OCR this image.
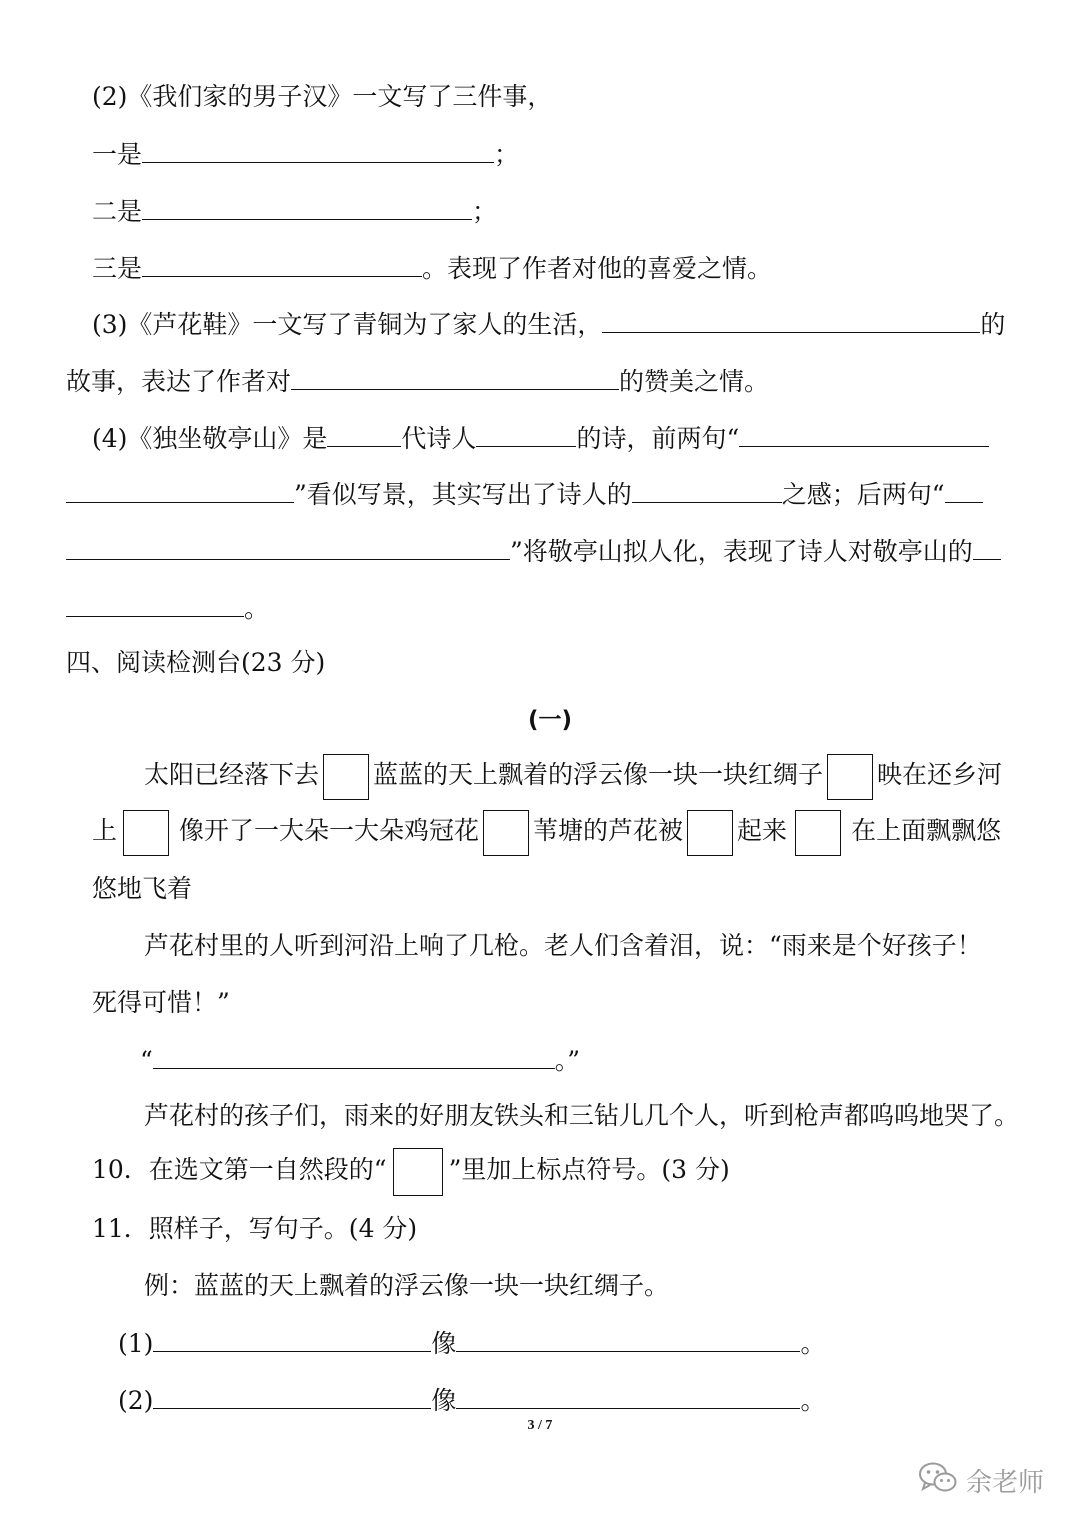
(2)《我们家的男子汉》一文写了三件事，
一是	；
二是	；
三是	。表现了作者对他的喜爱之情。
(3)《芦花鞋》一文写了青铜为了家人的生活，	的
故事，表达了作者对	的赞美之情。
(4)《独坐敬亭山》是	代诗人	的诗，前两句“
”看似写景，其实写出了诗人的	之感；后两句“
”将敬亭山拟人化，表现了诗人对敬亭山的
。
四、阅读检测台(23 分)
(一)
太阳已经落下去 蓝蓝的天上飘着的浮云像一块一块红绸子 映在还乡河
上 像开了一大朵一大朵鸡冠花 苇塘的芦花被 起来	在上面飘飘悠
悠地飞着
芦花村里的人听到河沿上响了几枪。老人们含着泪，说：“雨来是个好孩子！
死得可惜！”
“	。”
芦花村的孩子们，雨来的好朋友铁头和三钻儿几个人，听到枪声都呜呜地哭了。
10．在选文第一自然段的“ ”里加上标点符号。(3 分)
11．照样子，写句子。(4 分)
例：蓝蓝的天上飘着的浮云像一块一块红绸子。
(1)	像	。
(2)	像	。
3 / 7
余老师
